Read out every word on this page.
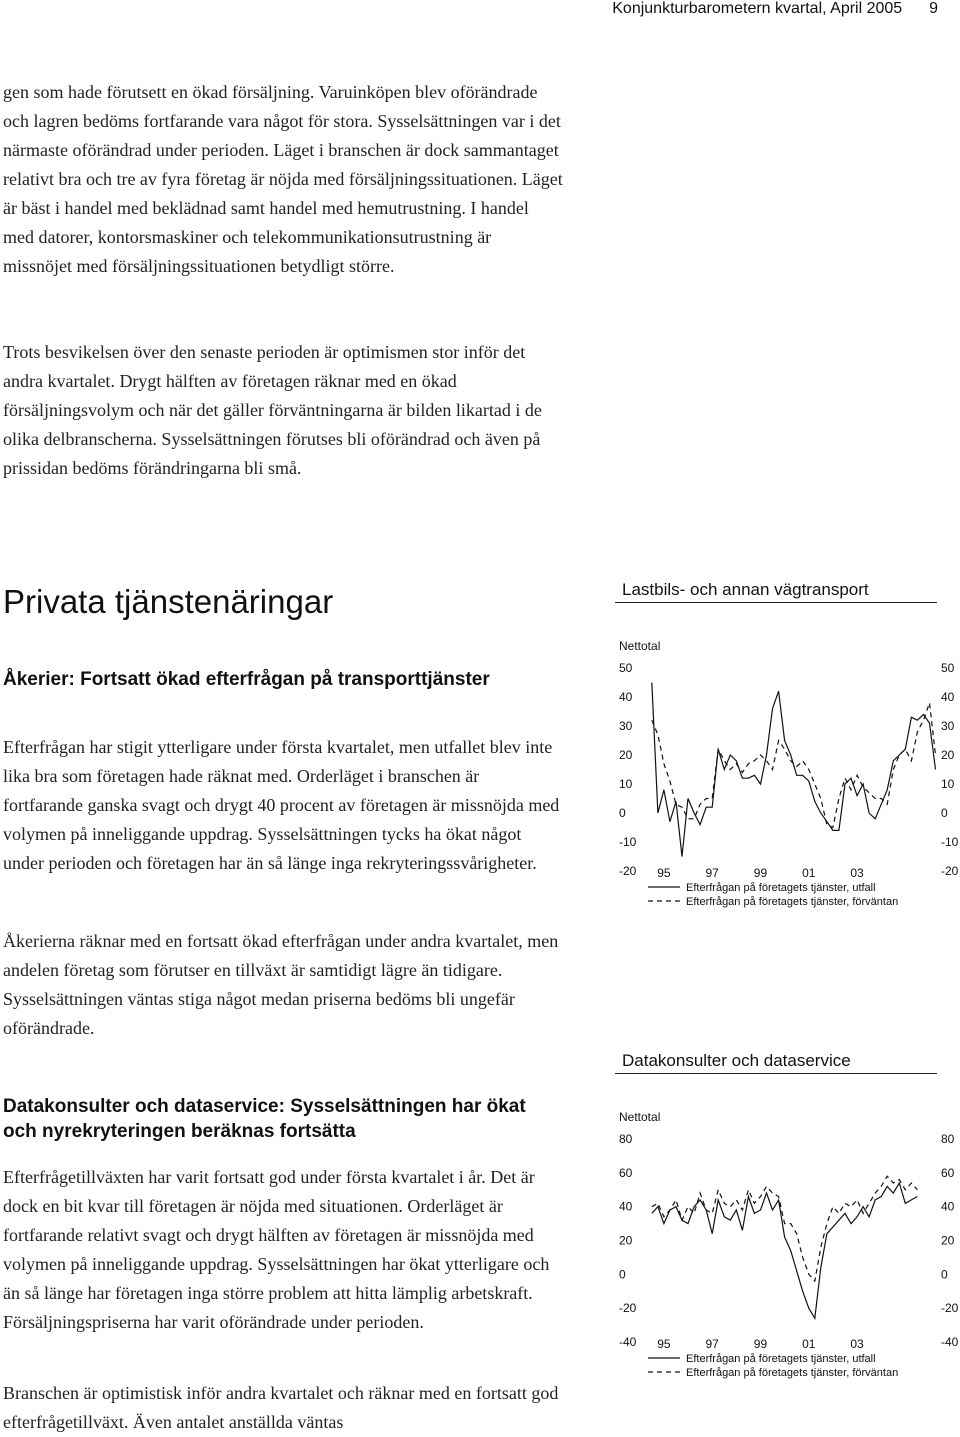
Konjunkturbarometern kvartal, April 2005 9

gen som hade förutsett en ökad försäljning. Varuinköpen blev oförändrade och lagren bedöms fortfarande vara något för stora. Sysselsättningen var i det närmaste oförändrad under perioden. Läget i branschen är dock sammantaget relativt bra och tre av fyra företag är nöjda med försäljningssituationen. Läget är bäst i handel med beklädnad samt handel med hemutrustning. I handel med datorer, kontorsmaskiner och telekommunikationsutrustning är missnöjet med försäljningssituationen betydligt större.

Trots besvikelsen över den senaste perioden är optimismen stor inför det andra kvartalet. Drygt hälften av företagen räknar med en ökad försäljningsvolym och när det gäller förväntningarna är bilden likartad i de olika delbranscherna. Sysselsättningen förutses bli oförändrad och även på prissidan bedöms förändringarna bli små.

Privata tjänstenäringar
Åkerier: Fortsatt ökad efterfrågan på transporttjänster

Efterfrågan har stigit ytterligare under första kvartalet, men utfallet blev inte lika bra som företagen hade räknat med. Orderläget i branschen är fortfarande ganska svagt och drygt 40 procent av företagen är missnöjda med volymen på inneliggande uppdrag. Sysselsättningen tycks ha ökat något under perioden och företagen har än så länge inga rekryteringssvårigheter.

Åkerierna räknar med en fortsatt ökad efterfrågan under andra kvartalet, men andelen företag som förutser en tillväxt är samtidigt lägre än tidigare. Sysselsättningen väntas stiga något medan priserna bedöms bli ungefär oförändrade.

Datakonsulter och dataservice: Sysselsättningen har ökat och nyrekryteringen beräknas fortsätta

Efterfrågetillväxten har varit fortsatt god under första kvartalet i år. Det är dock en bit kvar till företagen är nöjda med situationen. Orderläget är fortfarande relativt svagt och drygt hälften av företagen är missnöjda med volymen på inneliggande uppdrag. Sysselsättningen har ökat ytterligare och än så länge har företagen inga större problem att hitta lämplig arbetskraft. Försäljningspriserna har varit oförändrade under perioden.

Branschen är optimistisk inför andra kvartalet och räknar med en fortsatt god efterfrågetillväxt. Även antalet anställda väntas

Lastbils- och annan vägtransport
Nettotal
50	50
40	40
30	30
20	20
10	10
0	0
-10	-10
-20	-20
95	97	99	01	03
Efterfrågan på företagets tjänster, utfall
Efterfrågan på företagets tjänster, förväntan
Datakonsulter och dataservice
Nettotal
80	80
60	60
40	40
20	20
0	0
-20	-20
-40	-40
95	97	99	01	03
Efterfrågan på företagets tjänster, utfall
Efterfrågan på företagets tjänster, förväntan
